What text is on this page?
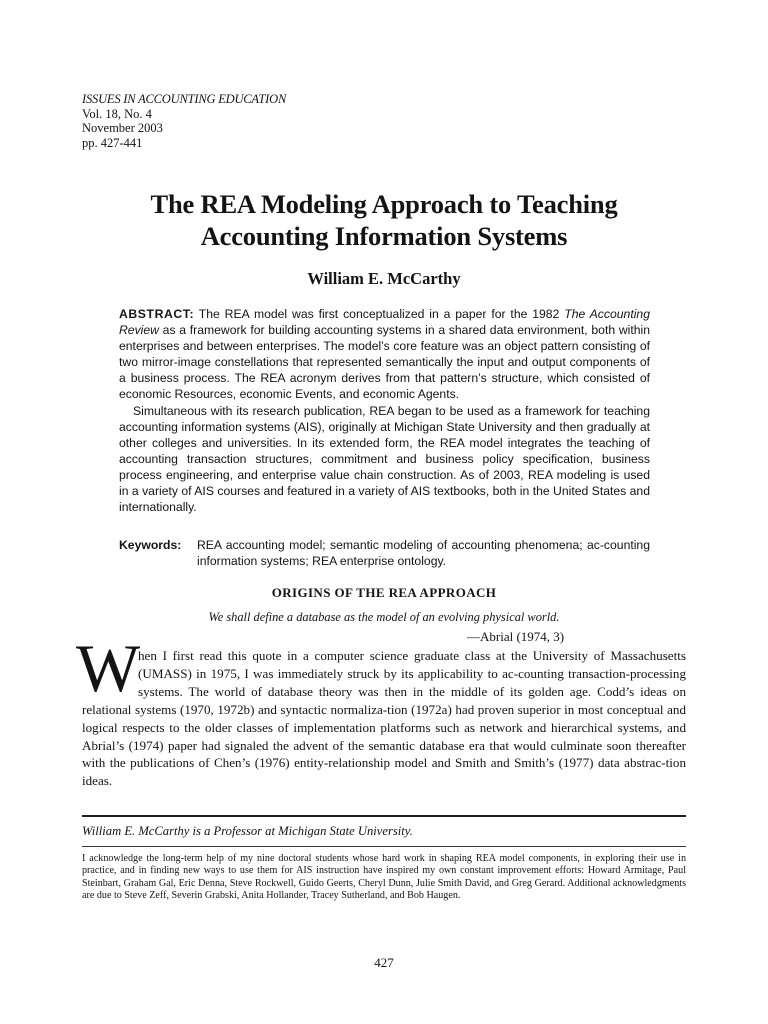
ISSUES IN ACCOUNTING EDUCATION
Vol. 18, No. 4
November 2003
pp. 427-441
The REA Modeling Approach to Teaching
Accounting Information Systems
William E. McCarthy

ABSTRACT: The REA model was first conceptualized in a paper for the 1982 The Accounting Review as a framework for building accounting systems in a shared data environment, both within enterprises and between enterprises. The model’s core feature was an object pattern consisting of two mirror-image constellations that represented semantically the input and output components of a business process. The REA acronym derives from that pattern’s structure, which consisted of economic Resources, economic Events, and economic Agents.

Simultaneous with its research publication, REA began to be used as a framework for teaching accounting information systems (AIS), originally at Michigan State University and then gradually at other colleges and universities. In its extended form, the REA model integrates the teaching of accounting transaction structures, commitment and business policy specification, business process engineering, and enterprise value chain construction. As of 2003, REA modeling is used in a variety of AIS courses and featured in a variety of AIS textbooks, both in the United States and internationally.

Keywords: REA accounting model; semantic modeling of accounting phenomena; ac-counting information systems; REA enterprise ontology.
ORIGINS OF THE REA APPROACH
We shall define a database as the model of an evolving physical world.
—Abrial (1974, 3)
W

hen I first read this quote in a computer science graduate class at the University of Massachusetts (UMASS) in 1975, I was immediately struck by its applicability to ac-counting transaction-processing systems. The world of database theory was then in the middle of its golden age. Codd’s ideas on relational systems (1970, 1972b) and syntactic normaliza-tion (1972a) had proven superior in most conceptual and logical respects to the older classes of implementation platforms such as network and hierarchical systems, and Abrial’s (1974) paper had signaled the advent of the semantic database era that would culminate soon thereafter with the publications of Chen’s (1976) entity-relationship model and Smith and Smith’s (1977) data abstrac-tion ideas.

William E. McCarthy is a Professor at Michigan State University.

I acknowledge the long-term help of my nine doctoral students whose hard work in shaping REA model components, in exploring their use in practice, and in finding new ways to use them for AIS instruction have inspired my own constant improvement efforts: Howard Armitage, Paul Steinbart, Graham Gal, Eric Denna, Steve Rockwell, Guido Geerts, Cheryl Dunn, Julie Smith David, and Greg Gerard. Additional acknowledgments are due to Steve Zeff, Severin Grabski, Anita Hollander, Tracey Sutherland, and Bob Haugen.

427
